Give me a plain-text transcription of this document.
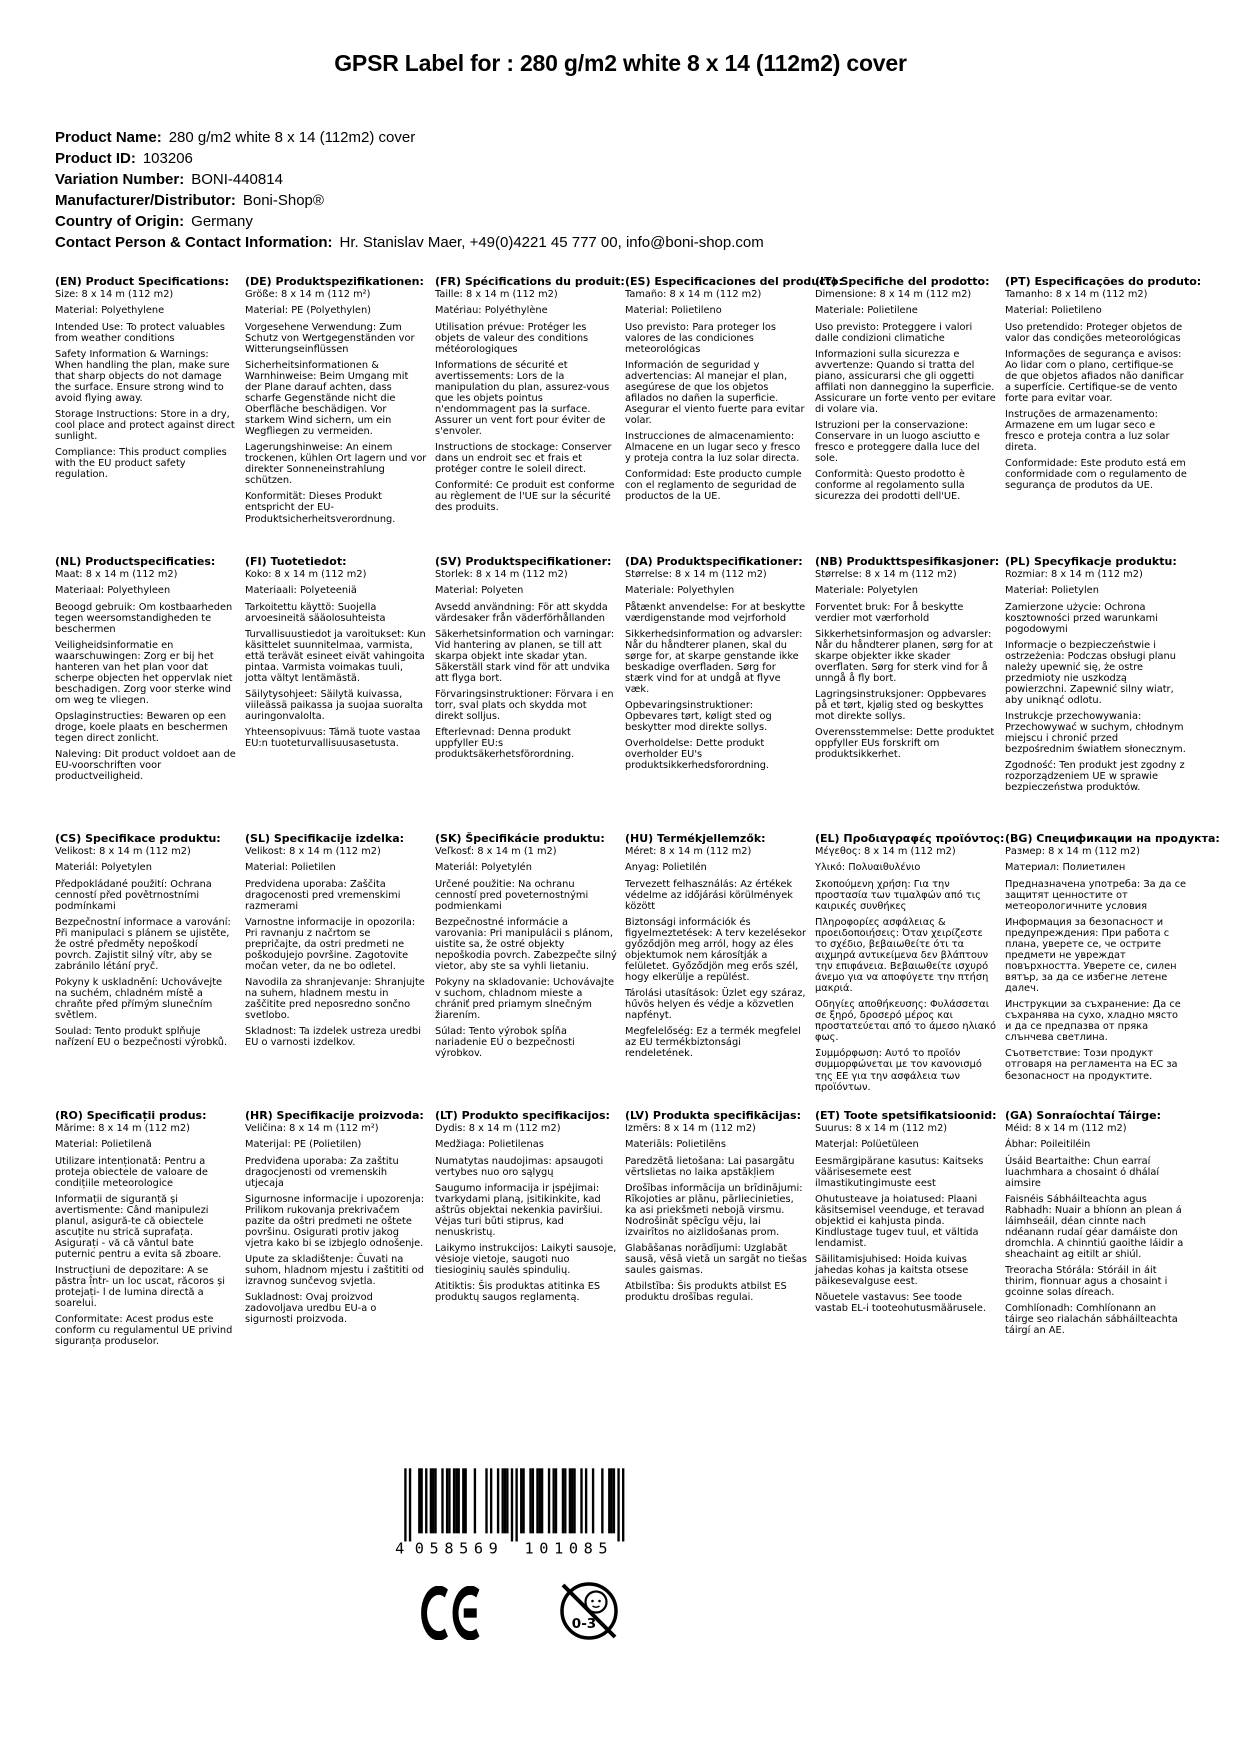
GPSR Label for : 280 g/m2 white 8 x 14 (112m2) cover
Product Name: 280 g/m2 white 8 x 14 (112m2) cover
Product ID: 103206
Variation Number: BONI-440814
Manufacturer/Distributor: Boni-Shop®
Country of Origin: Germany
Contact Person & Contact Information: Hr. Stanislav Maer, +49(0)4221 45 777 00, info@boni-shop.com
(EN) Product Specifications:

Size: 8 x 14 m (112 m2)

Material: Polyethylene

Intended Use: To protect valuables from weather conditions

Safety Information & Warnings: When handling the plan, make sure that sharp objects do not damage the surface. Ensure strong wind to avoid flying away.

Storage Instructions: Store in a dry, cool place and protect against direct sunlight.

Compliance: This product complies with the EU product safety regulation.

(DE) Produktspezifikationen:

Größe: 8 x 14 m (112 m²)

Material: PE (Polyethylen)

Vorgesehene Verwendung: Zum Schutz von Wertgegenständen vor Witterungseinflüssen

Sicherheitsinformationen & Warnhinweise: Beim Umgang mit der Plane darauf achten, dass scharfe Gegenstände nicht die Oberfläche beschädigen. Vor starkem Wind sichern, um ein Wegfliegen zu vermeiden.

Lagerungshinweise: An einem trockenen, kühlen Ort lagern und vor direkter Sonneneinstrahlung schützen.

Konformität: Dieses Produkt entspricht der EU-Produktsicherheitsverordnung.

(FR) Spécifications du produit:

Taille: 8 x 14 m (112 m2)

Matériau: Polyéthylène

Utilisation prévue: Protéger les objets de valeur des conditions météorologiques

Informations de sécurité et avertissements: Lors de la manipulation du plan, assurez-vous que les objets pointus n'endommagent pas la surface. Assurer un vent fort pour éviter de s'envoler.

Instructions de stockage: Conserver dans un endroit sec et frais et protéger contre le soleil direct.

Conformité: Ce produit est conforme au règlement de l'UE sur la sécurité des produits.

(ES) Especificaciones del producto:

Tamaño: 8 x 14 m (112 m2)

Material: Polietileno

Uso previsto: Para proteger los valores de las condiciones meteorológicas

Información de seguridad y advertencias: Al manejar el plan, asegúrese de que los objetos afilados no dañen la superficie. Asegurar el viento fuerte para evitar volar.

Instrucciones de almacenamiento: Almacene en un lugar seco y fresco y proteja contra la luz solar directa.

Conformidad: Este producto cumple con el reglamento de seguridad de productos de la UE.

(IT) Specifiche del prodotto:

Dimensione: 8 x 14 m (112 m2)

Materiale: Polietilene

Uso previsto: Proteggere i valori dalle condizioni climatiche

Informazioni sulla sicurezza e avvertenze: Quando si tratta del piano, assicurarsi che gli oggetti affilati non danneggino la superficie. Assicurare un forte vento per evitare di volare via.

Istruzioni per la conservazione: Conservare in un luogo asciutto e fresco e proteggere dalla luce del sole.

Conformità: Questo prodotto è conforme al regolamento sulla sicurezza dei prodotti dell'UE.

(PT) Especificações do produto:

Tamanho: 8 x 14 m (112 m2)

Material: Polietileno

Uso pretendido: Proteger objetos de valor das condições meteorológicas

Informações de segurança e avisos: Ao lidar com o plano, certifique-se de que objetos afiados não danificar a superfície. Certifique-se de vento forte para evitar voar.

Instruções de armazenamento: Armazene em um lugar seco e fresco e proteja contra a luz solar direta.

Conformidade: Este produto está em conformidade com o regulamento de segurança de produtos da UE.

(NL) Productspecificaties:

Maat: 8 x 14 m (112 m2)

Materiaal: Polyethyleen

Beoogd gebruik: Om kostbaarheden tegen weersomstandigheden te beschermen

Veiligheidsinformatie en waarschuwingen: Zorg er bij het hanteren van het plan voor dat scherpe objecten het oppervlak niet beschadigen. Zorg voor sterke wind om weg te vliegen.

Opslaginstructies: Bewaren op een droge, koele plaats en beschermen tegen direct zonlicht.

Naleving: Dit product voldoet aan de EU-voorschriften voor productveiligheid.

(FI) Tuotetiedot:

Koko: 8 x 14 m (112 m2)

Materiaali: Polyeteeniä

Tarkoitettu käyttö: Suojella arvoesineitä sääolosuhteista

Turvallisuustiedot ja varoitukset: Kun käsittelet suunnitelmaa, varmista, että terävät esineet eivät vahingoita pintaa. Varmista voimakas tuuli, jotta vältyt lentämästä.

Säilytysohjeet: Säilytä kuivassa, viileässä paikassa ja suojaa suoralta auringonvalolta.

Yhteensopivuus: Tämä tuote vastaa EU:n tuoteturvallisuusasetusta.

(SV) Produktspecifikationer:

Storlek: 8 x 14 m (112 m2)

Material: Polyeten

Avsedd användning: För att skydda värdesaker från väderförhållanden

Säkerhetsinformation och varningar: Vid hantering av planen, se till att skarpa objekt inte skadar ytan. Säkerställ stark vind för att undvika att flyga bort.

Förvaringsinstruktioner: Förvara i en torr, sval plats och skydda mot direkt solljus.

Efterlevnad: Denna produkt uppfyller EU:s produktsäkerhetsförordning.

(DA) Produktspecifikationer:

Størrelse: 8 x 14 m (112 m2)

Materiale: Polyethylen

Påtænkt anvendelse: For at beskytte værdigenstande mod vejrforhold

Sikkerhedsinformation og advarsler: Når du håndterer planen, skal du sørge for, at skarpe genstande ikke beskadige overfladen. Sørg for stærk vind for at undgå at flyve væk.

Opbevaringsinstruktioner: Opbevares tørt, køligt sted og beskytter mod direkte sollys.

Overholdelse: Dette produkt overholder EU's produktsikkerhedsforordning.

(NB) Produkttspesifikasjoner:

Størrelse: 8 x 14 m (112 m2)

Materiale: Polyetylen

Forventet bruk: For å beskytte verdier mot værforhold

Sikkerhetsinformasjon og advarsler: Når du håndterer planen, sørg for at skarpe objekter ikke skader overflaten. Sørg for sterk vind for å unngå å fly bort.

Lagringsinstruksjoner: Oppbevares på et tørt, kjølig sted og beskyttes mot direkte sollys.

Overensstemmelse: Dette produktet oppfyller EUs forskrift om produktsikkerhet.

(PL) Specyfikacje produktu:

Rozmiar: 8 x 14 m (112 m2)

Materiał: Polietylen

Zamierzone użycie: Ochrona kosztowności przed warunkami pogodowymi

Informacje o bezpieczeństwie i ostrzeżenia: Podczas obsługi planu należy upewnić się, że ostre przedmioty nie uszkodzą powierzchni. Zapewnić silny wiatr, aby uniknąć odlotu.

Instrukcje przechowywania: Przechowywać w suchym, chłodnym miejscu i chronić przed bezpośrednim światłem słonecznym.

Zgodność: Ten produkt jest zgodny z rozporządzeniem UE w sprawie bezpieczeństwa produktów.

(CS) Specifikace produktu:

Velikost: 8 x 14 m (112 m2)

Materiál: Polyetylen

Předpokládané použití: Ochrana cenností před povětrnostními podmínkami

Bezpečnostní informace a varování: Při manipulaci s plánem se ujistěte, že ostré předměty nepoškodí povrch. Zajistit silný vítr, aby se zabránilo létání pryč.

Pokyny k uskladnění: Uchovávejte na suchém, chladném místě a chraňte před přímým slunečním světlem.

Soulad: Tento produkt splňuje nařízení EU o bezpečnosti výrobků.

(SL) Specifikacije izdelka:

Velikost: 8 x 14 m (112 m2)

Material: Polietilen

Predvidena uporaba: Zaščita dragocenosti pred vremenskimi razmerami

Varnostne informacije in opozorila: Pri ravnanju z načrtom se prepričajte, da ostri predmeti ne poškodujejo površine. Zagotovite močan veter, da ne bo odletel.

Navodila za shranjevanje: Shranjujte na suhem, hladnem mestu in zaščitite pred neposredno sončno svetlobo.

Skladnost: Ta izdelek ustreza uredbi EU o varnosti izdelkov.

(SK) Špecifikácie produktu:

Veľkosť: 8 x 14 m (1 m2)

Materiál: Polyetylén

Určené použitie: Na ochranu cenností pred poveternostnými podmienkami

Bezpečnostné informácie a varovania: Pri manipulácii s plánom, uistite sa, že ostré objekty nepoškodia povrch. Zabezpečte silný vietor, aby ste sa vyhli lietaniu.

Pokyny na skladovanie: Uchovávajte v suchom, chladnom mieste a chrániť pred priamym slnečným žiarením.

Súlad: Tento výrobok spĺňa nariadenie EÚ o bezpečnosti výrobkov.

(HU) Termékjellemzők:

Méret: 8 x 14 m (112 m2)

Anyag: Polietilén

Tervezett felhasználás: Az értékek védelme az időjárási körülmények között

Biztonsági információk és figyelmeztetések: A terv kezelésekor győződjön meg arról, hogy az éles objektumok nem károsítják a felületet. Győződjön meg erős szél, hogy elkerülje a repülést.

Tárolási utasítások: Üzlet egy száraz, hűvös helyen és védje a közvetlen napfényt.

Megfelelőség: Ez a termék megfelel az EU termékbiztonsági rendeletének.

(EL) Προδιαγραφές προϊόντος:

Μέγεθος: 8 x 14 m (112 m2)

Υλικό: Πολυαιθυλένιο

Σκοπούμενη χρήση: Για την προστασία των τιμαλφών από τις καιρικές συνθήκες

Πληροφορίες ασφάλειας & προειδοποιήσεις: Όταν χειρίζεστε το σχέδιο, βεβαιωθείτε ότι τα αιχμηρά αντικείμενα δεν βλάπτουν την επιφάνεια. Βεβαιωθείτε ισχυρό άνεμο για να αποφύγετε την πτήση μακριά.

Οδηγίες αποθήκευσης: Φυλάσσεται σε ξηρό, δροσερό μέρος και προστατεύεται από το άμεσο ηλιακό φως.

Συμμόρφωση: Αυτό το προϊόν συμμορφώνεται με τον κανονισμό της ΕΕ για την ασφάλεια των προϊόντων.

(BG) Спецификации на продукта:

Размер: 8 x 14 m (112 m2)

Материал: Полиетилен

Предназначена употреба: За да се защитят ценностите от метеорологичните условия

Информация за безопасност и предупреждения: При работа с плана, уверете се, че острите предмети не увреждат повърхността. Уверете се, силен вятър, за да се избегне летене далеч.

Инструкции за съхранение: Да се съхранява на сухо, хладно място и да се предпазва от пряка слънчева светлина.

Съответствие: Този продукт отговаря на регламента на ЕС за безопасност на продуктите.

(RO) Specificații produs:

Mărime: 8 x 14 m (112 m2)

Material: Polietilenă

Utilizare intenționată: Pentru a proteja obiectele de valoare de condițiile meteorologice

Informații de siguranță și avertismente: Când manipulezi planul, asigură-te că obiectele ascuțite nu strică suprafața. Asigurați - vă că vântul bate puternic pentru a evita să zboare.

Instrucțiuni de depozitare: A se păstra într- un loc uscat, răcoros și protejați- l de lumina directă a soarelui.

Conformitate: Acest produs este conform cu regulamentul UE privind siguranța produselor.

(HR) Specifikacije proizvoda:

Veličina: 8 x 14 m (112 m²)

Materijal: PE (Polietilen)

Predviđena uporaba: Za zaštitu dragocjenosti od vremenskih utjecaja

Sigurnosne informacije i upozorenja: Prilikom rukovanja prekrivačem pazite da oštri predmeti ne oštete površinu. Osigurati protiv jakog vjetra kako bi se izbjeglo odnošenje.

Upute za skladištenje: Čuvati na suhom, hladnom mjestu i zaštititi od izravnog sunčevog svjetla.

Sukladnost: Ovaj proizvod zadovoljava uredbu EU-a o sigurnosti proizvoda.

(LT) Produkto specifikacijos:

Dydis: 8 x 14 m (112 m2)

Medžiaga: Polietilenas

Numatytas naudojimas: apsaugoti vertybes nuo oro sąlygų

Saugumo informacija ir įspėjimai: tvarkydami planą, įsitikinkite, kad aštrūs objektai nekenkia paviršiui. Vėjas turi būti stiprus, kad nenuskristų.

Laikymo instrukcijos: Laikyti sausoje, vėsioje vietoje, saugoti nuo tiesioginių saulės spindulių.

Atitiktis: Šis produktas atitinka ES produktų saugos reglamentą.

(LV) Produkta specifikācijas:

Izmērs: 8 x 14 m (112 m2)

Materiāls: Polietilēns

Paredzētā lietošana: Lai pasargātu vērtslietas no laika apstākļiem

Drošības informācija un brīdinājumi: Rīkojoties ar plānu, pārliecinieties, ka asi priekšmeti nebojā virsmu. Nodrošināt spēcīgu vēju, lai izvairītos no aizlidošanas prom.

Glabāšanas norādījumi: Uzglabāt sausā, vēsā vietā un sargāt no tiešas saules gaismas.

Atbilstība: Šis produkts atbilst ES produktu drošības regulai.

(ET) Toote spetsifikatsioonid:

Suurus: 8 x 14 m (112 m2)

Materjal: Polüetüleen

Eesmärgipärane kasutus: Kaitseks väärisesemete eest ilmastikutingimuste eest

Ohutusteave ja hoiatused: Plaani käsitsemisel veenduge, et teravad objektid ei kahjusta pinda. Kindlustage tugev tuul, et vältida lendamist.

Säilitamisjuhised: Hoida kuivas jahedas kohas ja kaitsta otsese päikesevalguse eest.

Nõuetele vastavus: See toode vastab EL-i tooteohutusmäärusele.

(GA) Sonraíochtaí Táirge:

Méid: 8 x 14 m (112 m2)

Ábhar: Poileitiléin

Úsáid Beartaithe: Chun earraí luachmhara a chosaint ó dhálaí aimsire

Faisnéis Sábháilteachta agus Rabhadh: Nuair a bhíonn an plean á láimhseáil, déan cinnte nach ndéanann rudaí géar damáiste don dromchla. A chinntiú gaoithe láidir a sheachaint ag eitilt ar shiúl.

Treoracha Stórála: Stóráil in áit thirim, fionnuar agus a chosaint i gcoinne solas díreach.

Comhlíonadh: Comhlíonann an táirge seo rialachán sábháilteachta táirgí an AE.

4 058569 101085
0-3
